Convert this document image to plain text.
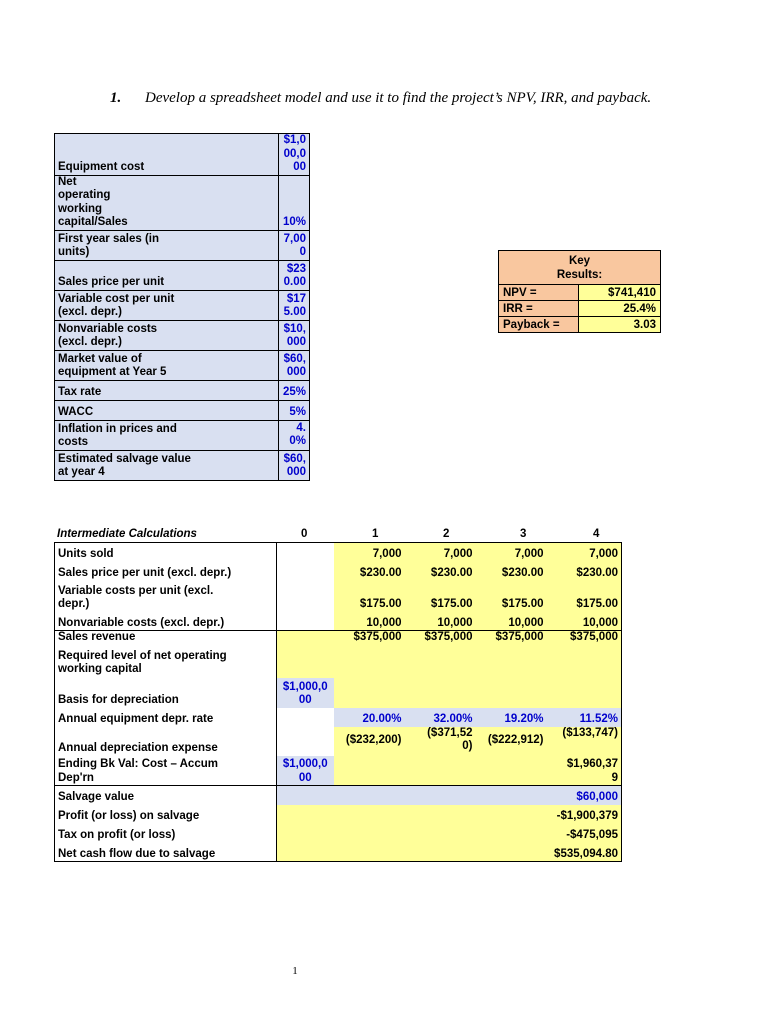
1. Develop a spreadsheet model and use it to find the project’s NPV, IRR, and payback.
Equipment cost	$1,000,000
Net operating working capital/Sales	10%
First year sales (in units)	7,000
Sales price per unit	$230.00
Variable cost per unit (excl. depr.)	$175.00
Nonvariable costs (excl. depr.)	$10,000
Market value of equipment at Year 5	$60,000
Tax rate	25%
WACC	5%
Inflation in prices and costs	4.0%
Estimated salvage value at year 4	$60,000
Key Results:	
NPV =	$741,410
IRR =	25.4%
Payback =	3.03
Intermediate Calculations	0	1	2	3	4
Units sold		7,000	7,000	7,000	7,000
Sales price per unit (excl. depr.)		$230.00	$230.00	$230.00	$230.00
Variable costs per unit (excl. depr.)		$175.00	$175.00	$175.00	$175.00
Nonvariable costs (excl. depr.)		10,000	10,000	10,000	10,000
Sales revenue		$375,000	$375,000	$375,000	$375,000
Required level of net operating working capital					
Basis for depreciation	$1,000,000				
Annual equipment depr. rate		20.00%	32.00%	19.20%	11.52%
Annual depreciation expense		($232,200)	($371,520)	($222,912)	($133,747)
Ending Bk Val: Cost – Accum Dep'rn	$1,000,000				$1,960,379
Salvage value					$60,000
Profit (or loss) on salvage					-$1,900,379
Tax on profit (or loss)					-$475,095
Net cash flow due to salvage					$535,094.80
1
